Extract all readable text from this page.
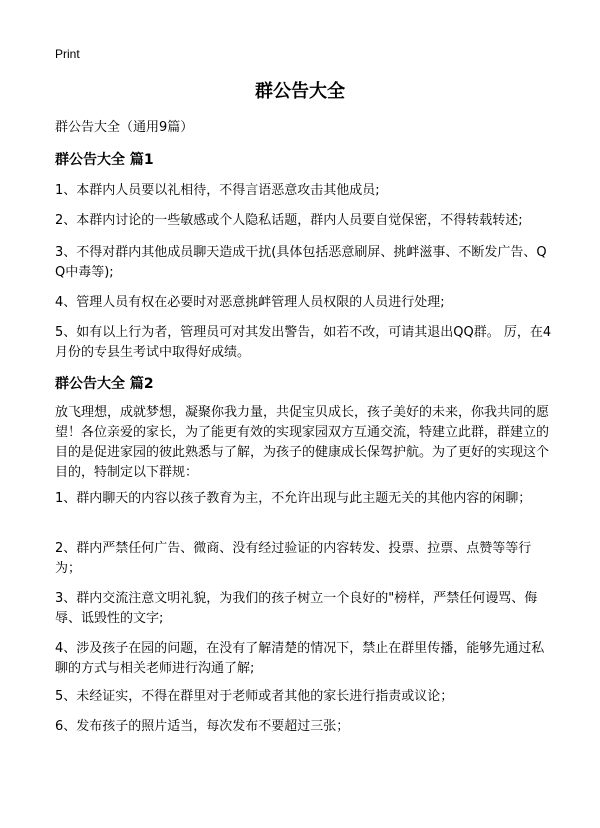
Print
群公告大全
群公告大全（通用9篇）
群公告大全 篇1

1、本群内人员要以礼相待，不得言语恶意攻击其他成员;

2、本群内讨论的一些敏感或个人隐私话题，群内人员要自觉保密，不得转载转述;

3、不得对群内其他成员聊天造成干扰(具体包括恶意刷屏、挑衅滋事、不断发广告、QQ中毒等);

4、管理人员有权在必要时对恶意挑衅管理人员权限的人员进行处理;

5、如有以上行为者，管理员可对其发出警告，如若不改，可请其退出QQ群。 厉，在4月份的专县生考试中取得好成绩。

群公告大全 篇2

放飞理想，成就梦想，凝聚你我力量，共促宝贝成长，孩子美好的未来，你我共同的愿望！各位亲爱的家长，为了能更有效的实现家园双方互通交流，特建立此群，群建立的目的是促进家园的彼此熟悉与了解，为孩子的健康成长保驾护航。为了更好的实现这个目的，特制定以下群规：

1、群内聊天的内容以孩子教育为主，不允许出现与此主题无关的其他内容的闲聊；

2、群内严禁任何广告、微商、没有经过验证的内容转发、投票、拉票、点赞等等行为；

3、群内交流注意文明礼貌，为我们的孩子树立一个良好的"榜样，严禁任何谩骂、侮辱、诋毁性的文字;

4、涉及孩子在园的问题，在没有了解清楚的情况下，禁止在群里传播，能够先通过私聊的方式与相关老师进行沟通了解;

5、未经证实，不得在群里对于老师或者其他的家长进行指责或议论；

6、发布孩子的照片适当，每次发布不要超过三张；
